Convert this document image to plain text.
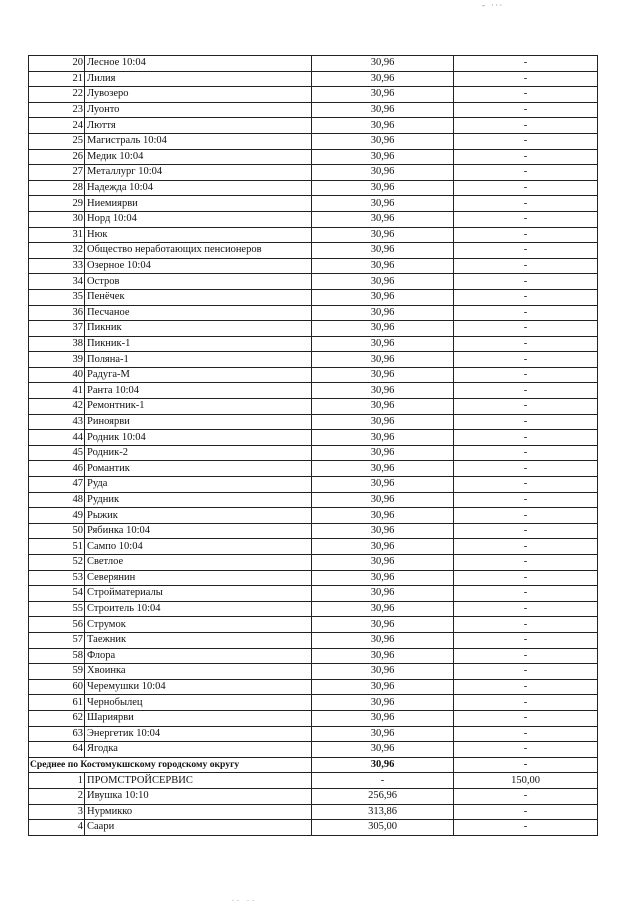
- ∙∙∙
20	Лесное 10:04	30,96	-
21	Лилия	30,96	-
22	Лувозеро	30,96	-
23	Луонто	30,96	-
24	Люття	30,96	-
25	Магистраль 10:04	30,96	-
26	Медик 10:04	30,96	-
27	Металлург 10:04	30,96	-
28	Надежда 10:04	30,96	-
29	Ниемиярви	30,96	-
30	Норд 10:04	30,96	-
31	Нюк	30,96	-
32	Общество неработающих пенсионеров	30,96	-
33	Озерное 10:04	30,96	-
34	Остров	30,96	-
35	Пенёчек	30,96	-
36	Песчаное	30,96	-
37	Пикник	30,96	-
38	Пикник-1	30,96	-
39	Поляна-1	30,96	-
40	Радуга-М	30,96	-
41	Ранта 10:04	30,96	-
42	Ремонтник-1	30,96	-
43	Риноярви	30,96	-
44	Родник 10:04	30,96	-
45	Родник-2	30,96	-
46	Романтик	30,96	-
47	Руда	30,96	-
48	Рудник	30,96	-
49	Рыжик	30,96	-
50	Рябинка 10:04	30,96	-
51	Сампо 10:04	30,96	-
52	Светлое	30,96	-
53	Северянин	30,96	-
54	Стройматериалы	30,96	-
55	Строитель 10:04	30,96	-
56	Струмок	30,96	-
57	Таежник	30,96	-
58	Флора	30,96	-
59	Хвоинка	30,96	-
60	Черемушки 10:04	30,96	-
61	Чернобылец	30,96	-
62	Шариярви	30,96	-
63	Энергетик 10:04	30,96	-
64	Ягодка	30,96	-
Среднее по Костомукшскому городскому округу		30,96	-
1	ПРОМСТРОЙСЕРВИС	-	150,00
2	Ивушка 10:10	256,96	-
3	Нурмикко	313,86	-
4	Саари	305,00	-
∙∙ ∙∙
